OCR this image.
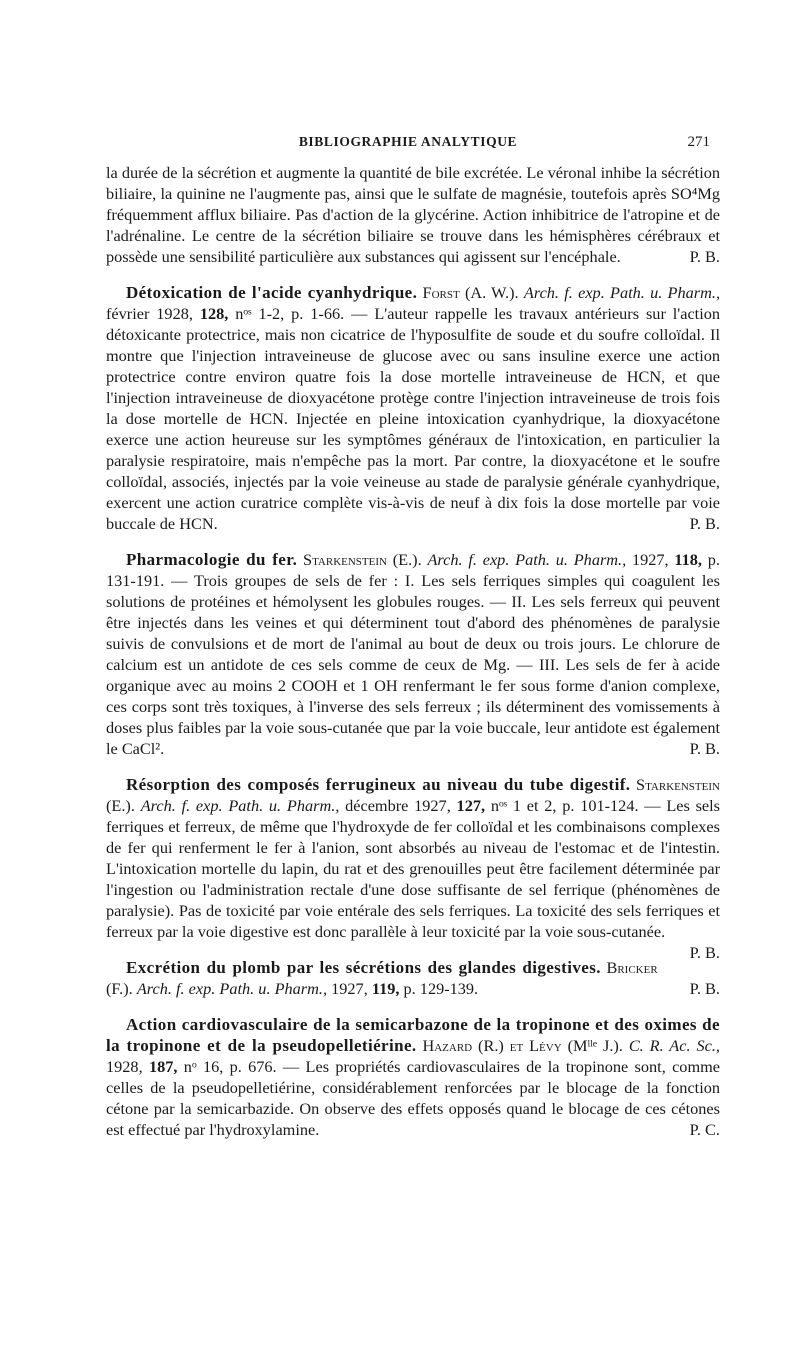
BIBLIOGRAPHIE ANALYTIQUE	271

la durée de la sécrétion et augmente la quantité de bile excrétée. Le véronal inhibe la sécrétion biliaire, la quinine ne l'augmente pas, ainsi que le sulfate de magnésie, toutefois après SO⁴Mg fréquemment afflux biliaire. Pas d'action de la glycérine. Action inhibitrice de l'atropine et de l'adrénaline. Le centre de la sécrétion biliaire se trouve dans les hémisphères cérébraux et possède une sensibilité particulière aux substances qui agissent sur l'encéphale.	P. B.

Détoxication de l'acide cyanhydrique. Forst (A. W.). Arch. f. exp. Path. u. Pharm., février 1928, 128, nᵒˢ 1-2, p. 1-66. — L'auteur rappelle les travaux antérieurs sur l'action détoxicante protectrice, mais non cicatrice de l'hyposulfite de soude et du soufre colloïdal. Il montre que l'injection intraveineuse de glucose avec ou sans insuline exerce une action protectrice contre environ quatre fois la dose mortelle intraveineuse de HCN, et que l'injection intraveineuse de dioxyacétone protège contre l'injection intraveineuse de trois fois la dose mortelle de HCN. Injectée en pleine intoxication cyanhydrique, la dioxyacétone exerce une action heureuse sur les symptômes généraux de l'intoxication, en particulier la paralysie respiratoire, mais n'empêche pas la mort. Par contre, la dioxyacétone et le soufre colloïdal, associés, injectés par la voie veineuse au stade de paralysie générale cyanhydrique, exercent une action curatrice complète vis-à-vis de neuf à dix fois la dose mortelle par voie buccale de HCN.	P. B.

Pharmacologie du fer. Starkenstein (E.). Arch. f. exp. Path. u. Pharm., 1927, 118, p. 131-191. — Trois groupes de sels de fer : I. Les sels ferriques simples qui coagulent les solutions de protéines et hémolysent les globules rouges. — II. Les sels ferreux qui peuvent être injectés dans les veines et qui déterminent tout d'abord des phénomènes de paralysie suivis de convulsions et de mort de l'animal au bout de deux ou trois jours. Le chlorure de calcium est un antidote de ces sels comme de ceux de Mg. — III. Les sels de fer à acide organique avec au moins 2 COOH et 1 OH renfermant le fer sous forme d'anion complexe, ces corps sont très toxiques, à l'inverse des sels ferreux ; ils déterminent des vomissements à doses plus faibles par la voie sous-cutanée que par la voie buccale, leur antidote est également le CaCl².	P. B.

Résorption des composés ferrugineux au niveau du tube digestif. Starkenstein (E.). Arch. f. exp. Path. u. Pharm., décembre 1927, 127, nᵒˢ 1 et 2, p. 101-124. — Les sels ferriques et ferreux, de même que l'hydroxyde de fer colloïdal et les combinaisons complexes de fer qui renferment le fer à l'anion, sont absorbés au niveau de l'estomac et de l'intestin. L'intoxication mortelle du lapin, du rat et des grenouilles peut être facilement déterminée par l'ingestion ou l'administration rectale d'une dose suffisante de sel ferrique (phénomènes de paralysie). Pas de toxicité par voie entérale des sels ferriques. La toxicité des sels ferriques et ferreux par la voie digestive est donc parallèle à leur toxicité par la voie sous-cutanée.
P. B.

Excrétion du plomb par les sécrétions des glandes digestives. Bricker (F.). Arch. f. exp. Path. u. Pharm., 1927, 119, p. 129-139.	P. B.

Action cardiovasculaire de la semicarbazone de la tropinone et des oximes de la tropinone et de la pseudopelletiérine. Hazard (R.) et Lévy (Mˡˡᵉ J.). C. R. Ac. Sc., 1928, 187, nᵒ 16, p. 676. — Les propriétés cardiovasculaires de la tropinone sont, comme celles de la pseudopelletiérine, considérablement renforcées par le blocage de la fonction cétone par la semicarbazide. On observe des effets opposés quand le blocage de ces cétones est effectué par l'hydroxylamine.	P. C.
